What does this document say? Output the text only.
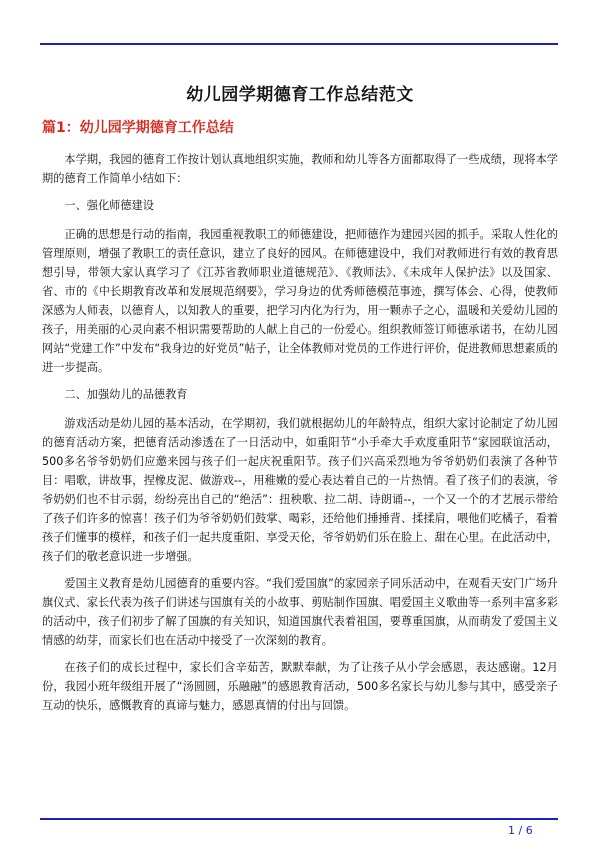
幼儿园学期德育工作总结范文
篇1：幼儿园学期德育工作总结

本学期，我园的德育工作按计划认真地组织实施，教师和幼儿等各方面都取得了一些成绩，现将本学期的德育工作简单小结如下：

一、强化师德建设

正确的思想是行动的指南，我园重视教职工的师德建设，把师德作为建园兴园的抓手。采取人性化的管理原则，增强了教职工的责任意识，建立了良好的园风。在师德建设中，我们对教师进行有效的教育思想引导，带领大家认真学习了《江苏省教师职业道德规范》、《教师法》、《未成年人保护法》以及国家、省、市的《中长期教育改革和发展规范纲要》，学习身边的优秀师德模范事迹，撰写体会、心得，使教师深感为人师表，以德育人，以知教人的重要，把学习内化为行为，用一颗赤子之心，温暖和关爱幼儿园的孩子，用美丽的心灵向素不相识需要帮助的人献上自己的一份爱心。组织教师签订师德承诺书，在幼儿园网站“党建工作”中发布“我身边的好党员”帖子，让全体教师对党员的工作进行评价，促进教师思想素质的进一步提高。

二、加强幼儿的品德教育

游戏活动是幼儿园的基本活动，在学期初，我们就根据幼儿的年龄特点，组织大家讨论制定了幼儿园的德育活动方案，把德育活动渗透在了一日活动中，如重阳节“小手牵大手欢度重阳节”家园联谊活动，500多名爷爷奶奶们应邀来园与孩子们一起庆祝重阳节。孩子们兴高采烈地为爷爷奶奶们表演了各种节目：唱歌，讲故事，捏橡皮泥、做游戏--，用稚嫩的爱心表达着自己的一片热情。看了孩子们的表演，爷爷奶奶们也不甘示弱，纷纷亮出自己的“绝活”：扭秧歌、拉二胡、诗朗诵--，一个又一个的才艺展示带给了孩子们许多的惊喜！孩子们为爷爷奶奶们鼓掌、喝彩，还给他们捶捶背、揉揉肩，喂他们吃橘子，看着孩子们懂事的模样，和孩子们一起共度重阳、享受天伦，爷爷奶奶们乐在脸上、甜在心里。在此活动中，孩子们的敬老意识进一步增强。

爱国主义教育是幼儿园德育的重要内容。“我们爱国旗”的家园亲子同乐活动中，在观看天安门广场升旗仪式、家长代表为孩子们讲述与国旗有关的小故事、剪贴制作国旗、唱爱国主义歌曲等一系列丰富多彩的活动中，孩子们初步了解了国旗的有关知识，知道国旗代表着祖国，要尊重国旗，从而萌发了爱国主义情感的幼芽，而家长们也在活动中接受了一次深刻的教育。

在孩子们的成长过程中，家长们含辛茹苦，默默奉献，为了让孩子从小学会感恩，表达感谢。12月份，我园小班年级组开展了“汤圆圆，乐融融”的感恩教育活动，500多名家长与幼儿参与其中，感受亲子互动的快乐，感慨教育的真谛与魅力，感恩真情的付出与回馈。

1 / 6
